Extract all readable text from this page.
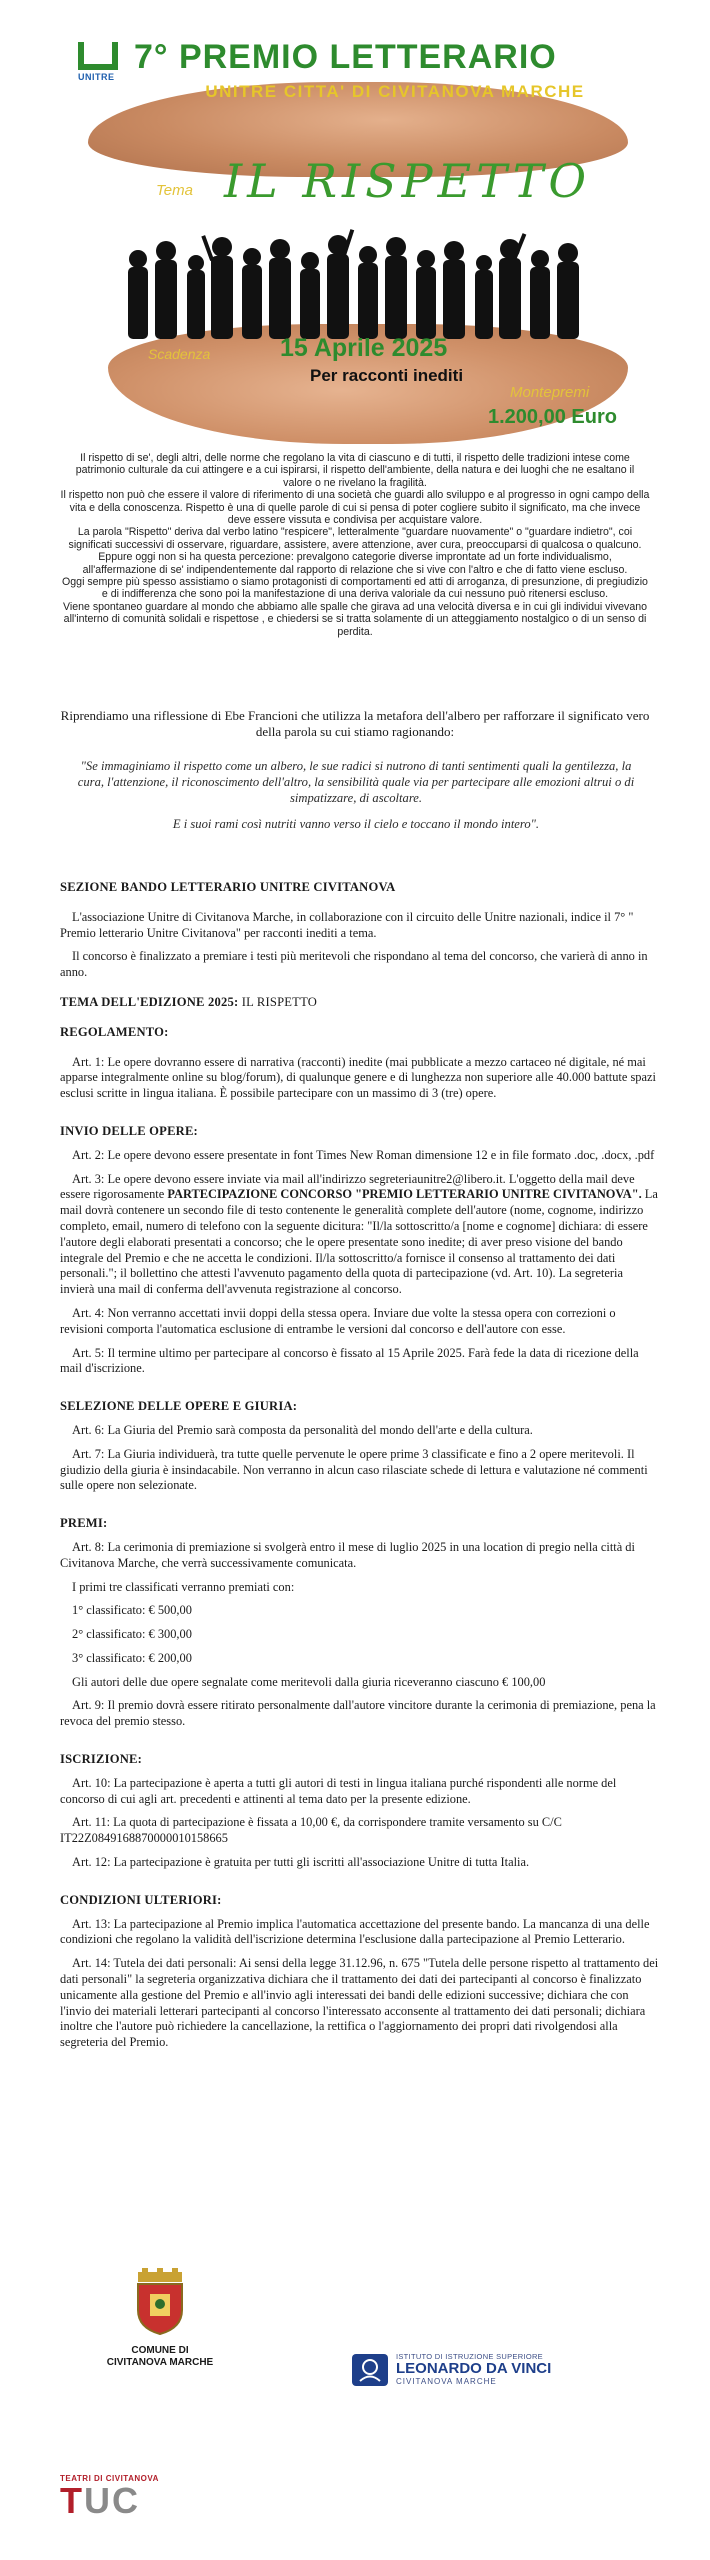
UNITRE
7° PREMIO LETTERARIO
UNITRE CITTA' DI CIVITANOVA MARCHE
Tema IL RISPETTO
Scadenza	15 Aprile 2025
Per racconti inediti
Montepremi
1.200,00 Euro

Il rispetto di se', degli altri, delle norme che regolano la vita di ciascuno e di tutti, il rispetto delle tradizioni intese come patrimonio culturale da cui attingere e a cui ispirarsi, il rispetto dell'ambiente, della natura e dei luoghi che ne esaltano il valore o ne rivelano la fragilità.

Il rispetto non può che essere il valore di riferimento di una società che guardi allo sviluppo e al progresso in ogni campo della vita e della conoscenza. Rispetto è una di quelle parole di cui si pensa di poter cogliere subito il significato, ma che invece deve essere vissuta e condivisa per acquistare valore.

La parola "Rispetto" deriva dal verbo latino "respicere", letteralmente "guardare nuovamente" o "guardare indietro", coi significati successivi di osservare, riguardare, assistere, avere attenzione, aver cura, preoccuparsi di qualcosa o qualcuno.

Eppure oggi non si ha questa percezione: prevalgono categorie diverse improntate ad un forte individualismo, all'affermazione di se' indipendentemente dal rapporto di relazione che si vive con l'altro e che di fatto viene escluso.

Oggi sempre più spesso assistiamo o siamo protagonisti di comportamenti ed atti di arroganza, di presunzione, di pregiudizio e di indifferenza che sono poi la manifestazione di una deriva valoriale da cui nessuno può ritenersi escluso.

Viene spontaneo guardare al mondo che abbiamo alle spalle che girava ad una velocità diversa e in cui gli individui vivevano all'interno di comunità solidali e rispettose , e chiedersi se si tratta solamente di un atteggiamento nostalgico o di un senso di perdita.

Riprendiamo una riflessione di Ebe Francioni che utilizza la metafora dell'albero per rafforzare il significato vero della parola su cui stiamo ragionando:

"Se immaginiamo il rispetto come un albero, le sue radici si nutrono di tanti sentimenti quali la gentilezza, la cura, l'attenzione, il riconoscimento dell'altro, la sensibilità quale via per partecipare alle emozioni altrui o di simpatizzare, di ascoltare.

E i suoi rami così nutriti vanno verso il cielo e toccano il mondo intero".

SEZIONE BANDO LETTERARIO UNITRE CIVITANOVA

L'associazione Unitre di Civitanova Marche, in collaborazione con il circuito delle Unitre nazionali, indice il 7° " Premio letterario Unitre Civitanova" per racconti inediti a tema.

Il concorso è finalizzato a premiare i testi più meritevoli che rispondano al tema del concorso, che varierà di anno in anno.

TEMA DELL'EDIZIONE 2025: IL RISPETTO
REGOLAMENTO:

Art. 1: Le opere dovranno essere di narrativa (racconti) inedite (mai pubblicate a mezzo cartaceo né digitale, né mai apparse integralmente online su blog/forum), di qualunque genere e di lunghezza non superiore alle 40.000 battute spazi esclusi scritte in lingua italiana. È possibile partecipare con un massimo di 3 (tre) opere.

INVIO DELLE OPERE:

Art. 2: Le opere devono essere presentate in font Times New Roman dimensione 12 e in file formato .doc, .docx, .pdf

Art. 3: Le opere devono essere inviate via mail all'indirizzo segreteriaunitre2@libero.it. L'oggetto della mail deve essere rigorosamente PARTECIPAZIONE CONCORSO "PREMIO LETTERARIO UNITRE CIVITANOVA". La mail dovrà contenere un secondo file di testo contenente le generalità complete dell'autore (nome, cognome, indirizzo completo, email, numero di telefono con la seguente dicitura: "Il/la sottoscritto/a [nome e cognome] dichiara: di essere l'autore degli elaborati presentati a concorso; che le opere presentate sono inedite; di aver preso visione del bando integrale del Premio e che ne accetta le condizioni. Il/la sottoscritto/a fornisce il consenso al trattamento dei dati personali."; il bollettino che attesti l'avvenuto pagamento della quota di partecipazione (vd. Art. 10). La segreteria invierà una mail di conferma dell'avvenuta registrazione al concorso.

Art. 4: Non verranno accettati invii doppi della stessa opera. Inviare due volte la stessa opera con correzioni o revisioni comporta l'automatica esclusione di entrambe le versioni dal concorso e dell'autore con esse.

Art. 5: Il termine ultimo per partecipare al concorso è fissato al 15 Aprile 2025. Farà fede la data di ricezione della mail d'iscrizione.

SELEZIONE DELLE OPERE E GIURIA:

Art. 6: La Giuria del Premio sarà composta da personalità del mondo dell'arte e della cultura.

Art. 7: La Giuria individuerà, tra tutte quelle pervenute le opere prime 3 classificate e fino a 2 opere meritevoli. Il giudizio della giuria è insindacabile. Non verranno in alcun caso rilasciate schede di lettura e valutazione né commenti sulle opere non selezionate.

PREMI:

Art. 8: La cerimonia di premiazione si svolgerà entro il mese di luglio 2025 in una location di pregio nella città di Civitanova Marche, che verrà successivamente comunicata.

I primi tre classificati verranno premiati con:

1° classificato: € 500,00

2° classificato: € 300,00

3° classificato: € 200,00

Gli autori delle due opere segnalate come meritevoli dalla giuria riceveranno ciascuno € 100,00

Art. 9: Il premio dovrà essere ritirato personalmente dall'autore vincitore durante la cerimonia di premiazione, pena la revoca del premio stesso.

ISCRIZIONE:

Art. 10: La partecipazione è aperta a tutti gli autori di testi in lingua italiana purché rispondenti alle norme del concorso di cui agli art. precedenti e attinenti al tema dato per la presente edizione.

Art. 11: La quota di partecipazione è fissata a 10,00 €, da corrispondere tramite versamento su C/C IT22Z0849168870000010158665

Art. 12: La partecipazione è gratuita per tutti gli iscritti all'associazione Unitre di tutta Italia.

CONDIZIONI ULTERIORI:

Art. 13: La partecipazione al Premio implica l'automatica accettazione del presente bando. La mancanza di una delle condizioni che regolano la validità dell'iscrizione determina l'esclusione dalla partecipazione al Premio Letterario.

Art. 14: Tutela dei dati personali: Ai sensi della legge 31.12.96, n. 675 "Tutela delle persone rispetto al trattamento dei dati personali" la segreteria organizzativa dichiara che il trattamento dei dati dei partecipanti al concorso è finalizzato unicamente alla gestione del Premio e all'invio agli interessati dei bandi delle edizioni successive; dichiara che con l'invio dei materiali letterari partecipanti al concorso l'interessato acconsente al trattamento dei dati personali; dichiara inoltre che l'autore può richiedere la cancellazione, la rettifica o l'aggiornamento dei propri dati rivolgendosi alla segreteria del Premio.

COMUNE DI
CIVITANOVA MARCHE
ISTITUTO DI ISTRUZIONE SUPERIORE
LEONARDO DA VINCI
CIVITANOVA MARCHE
TEATRI DI CIVITANOVA
TUC
